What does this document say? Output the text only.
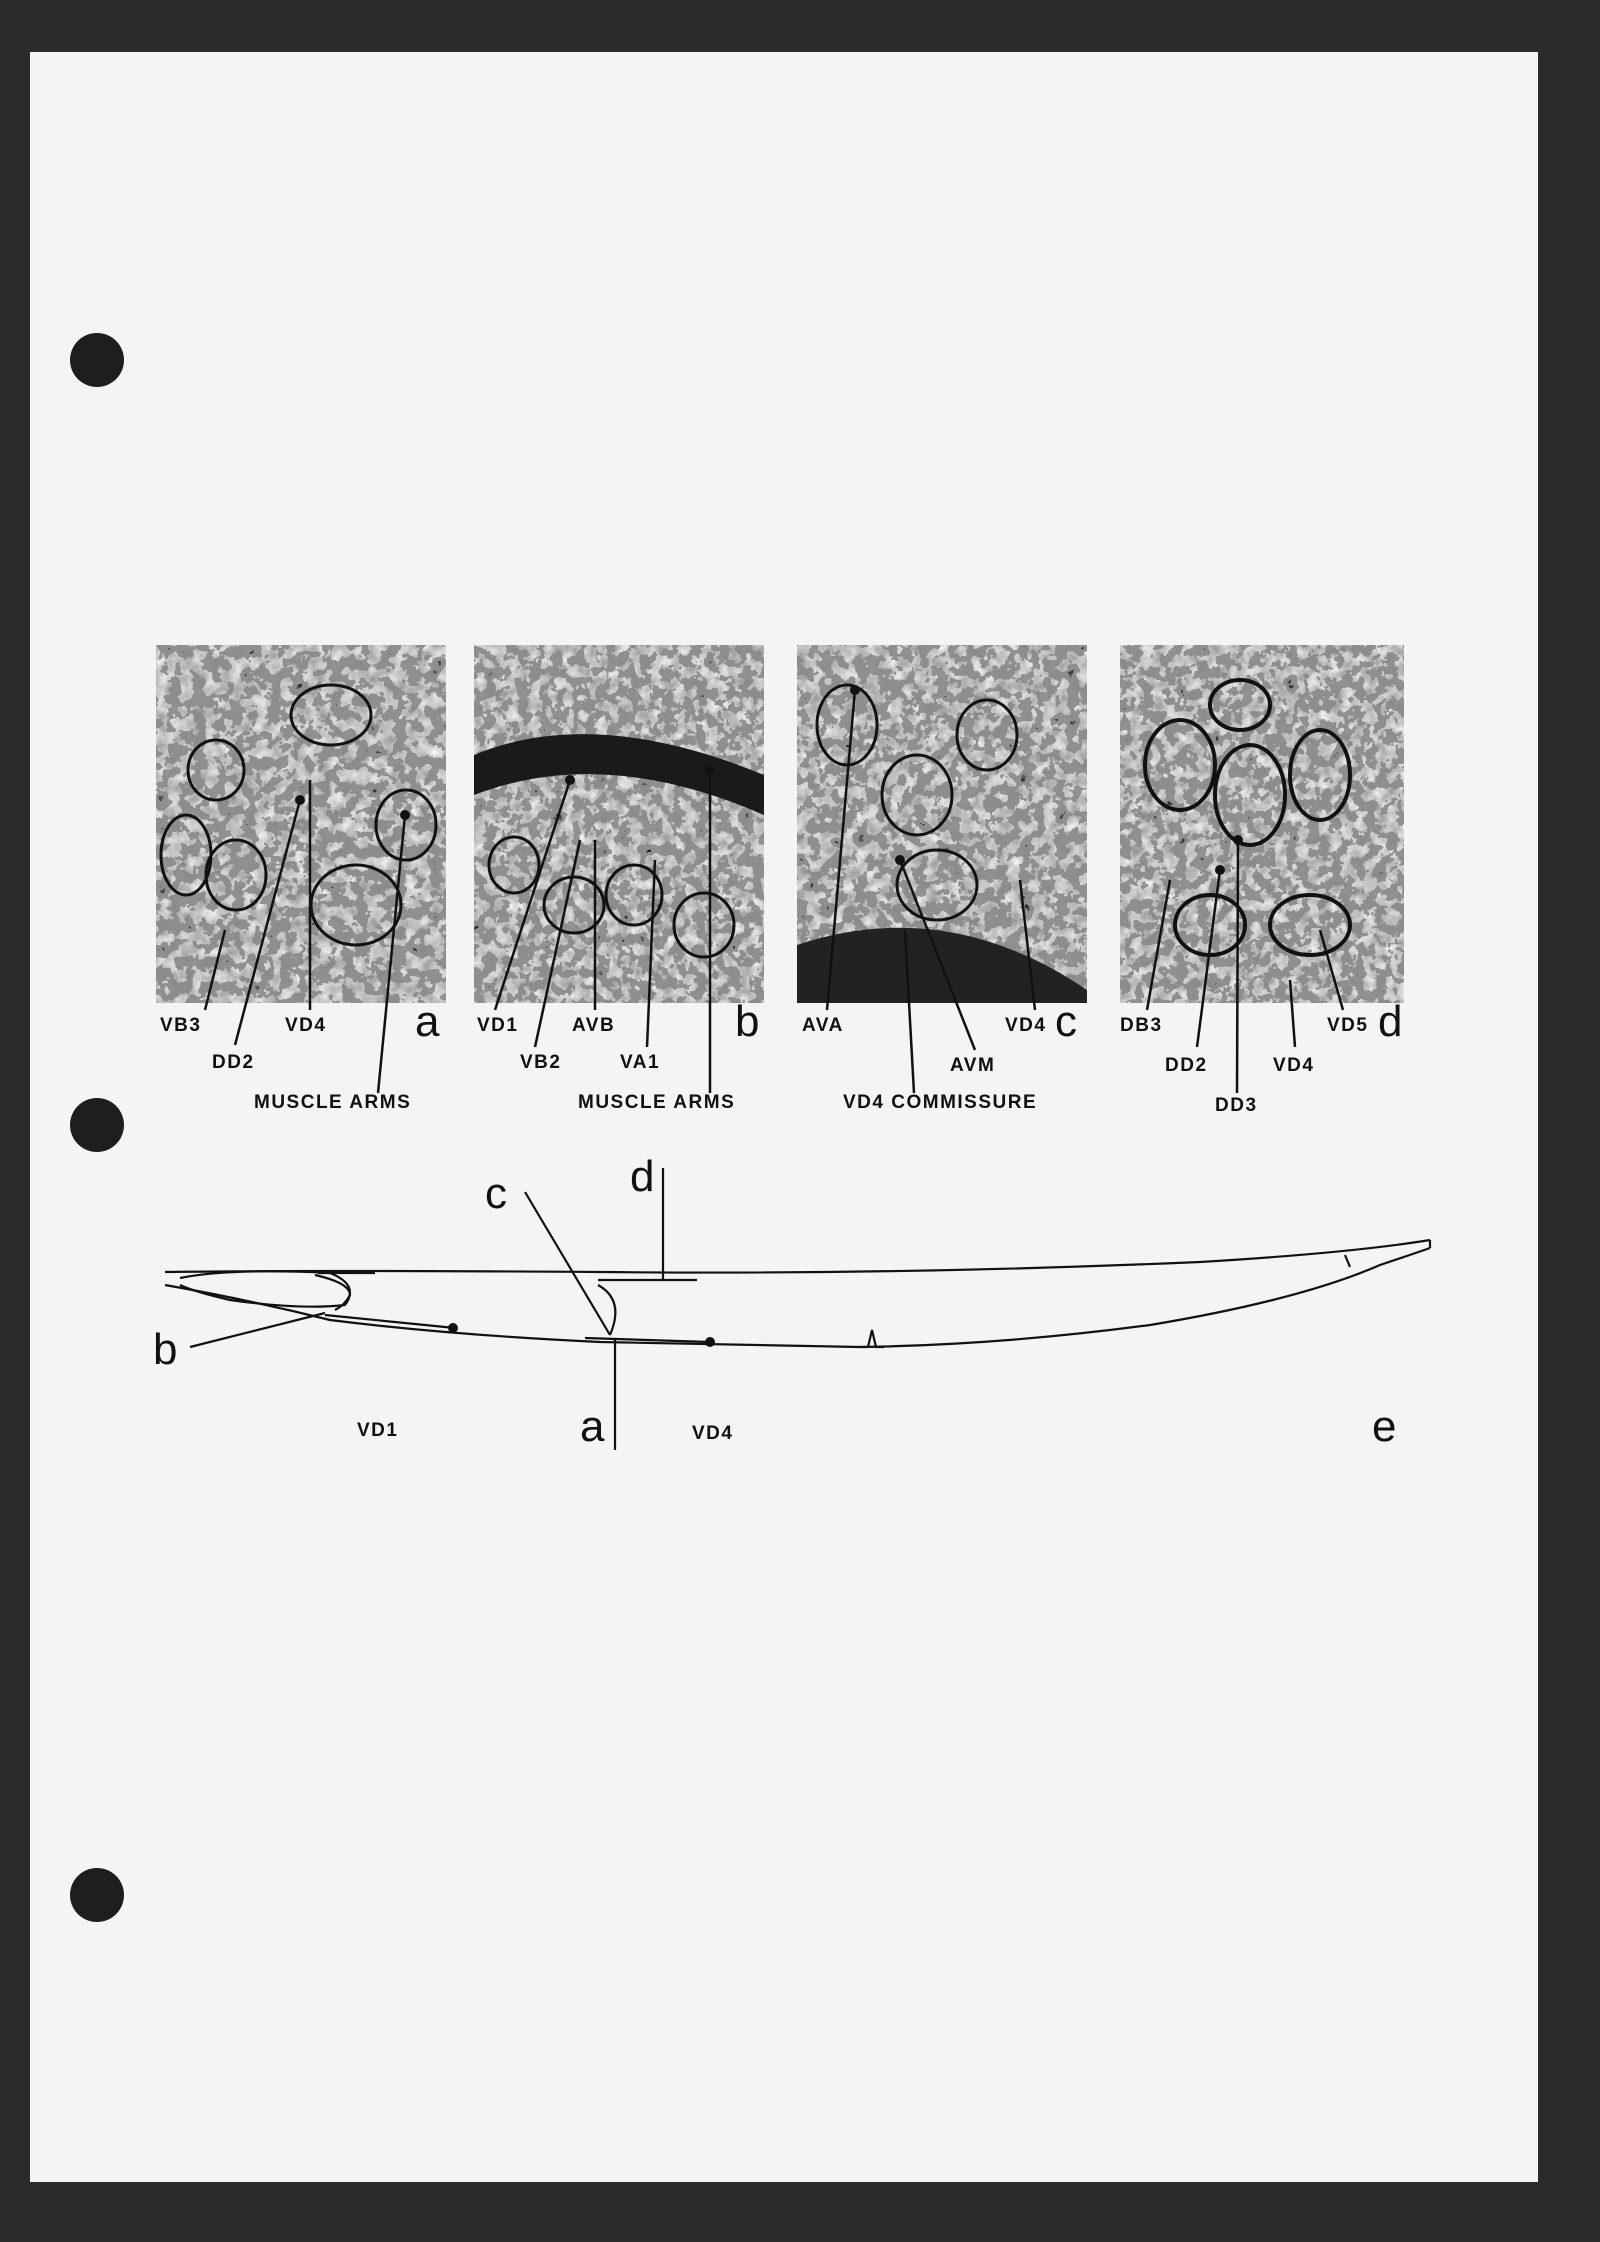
VB3
DD2
VD4
MUSCLE ARMS
a VD1
VB2
AVB
VA1
MUSCLE ARMS
b AVA
AVM
VD4
VD4 COMMISSURE
c DB3
DD2
DD3
VD4
VD5 d
c	d
b
a	e
VD1	VD4
